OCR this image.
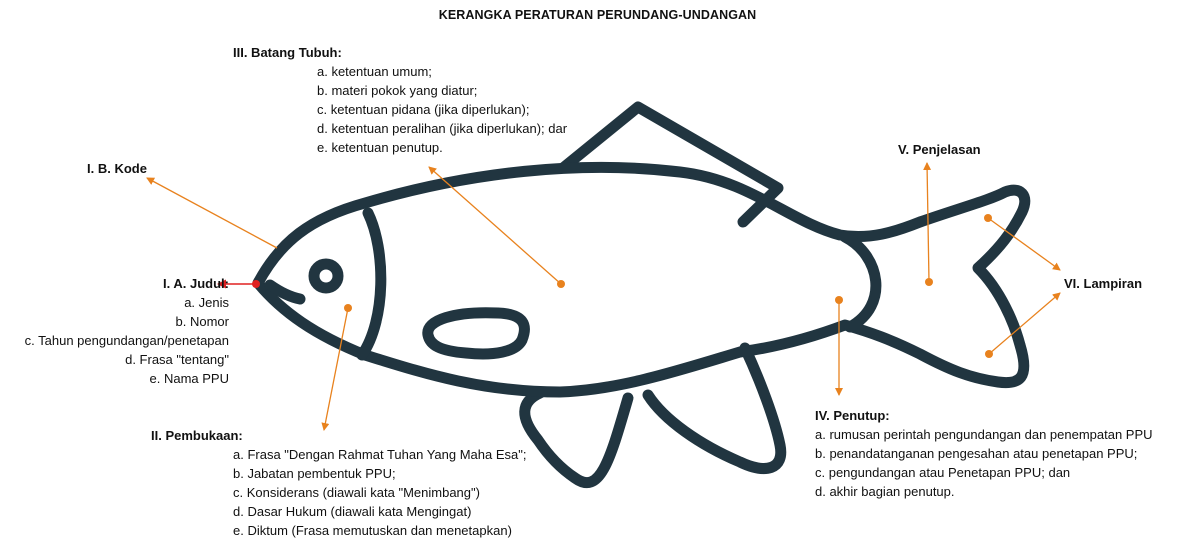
KERANGKA PERATURAN PERUNDANG-UNDANGAN
III. Batang Tubuh:
a. ketentuan umum;
b. materi pokok yang diatur;
c. ketentuan pidana (jika diperlukan);
d. ketentuan peralihan (jika diperlukan); dar
e. ketentuan penutup.
I. B. Kode
I. A. Judul:
a. Jenis
b. Nomor
c. Tahun pengundangan/penetapan
d. Frasa "tentang"
e. Nama PPU
II. Pembukaan:
a. Frasa "Dengan Rahmat Tuhan Yang Maha Esa";
b. Jabatan pembentuk PPU;
c. Konsiderans (diawali kata "Menimbang")
d. Dasar Hukum (diawali kata Mengingat)
e. Diktum (Frasa memutuskan dan menetapkan)
V. Penjelasan
VI. Lampiran
IV. Penutup:
a. rumusan perintah pengundangan dan penempatan PPU
b. penandatanganan pengesahan atau penetapan PPU;
c. pengundangan atau Penetapan PPU; dan
d. akhir bagian penutup.
